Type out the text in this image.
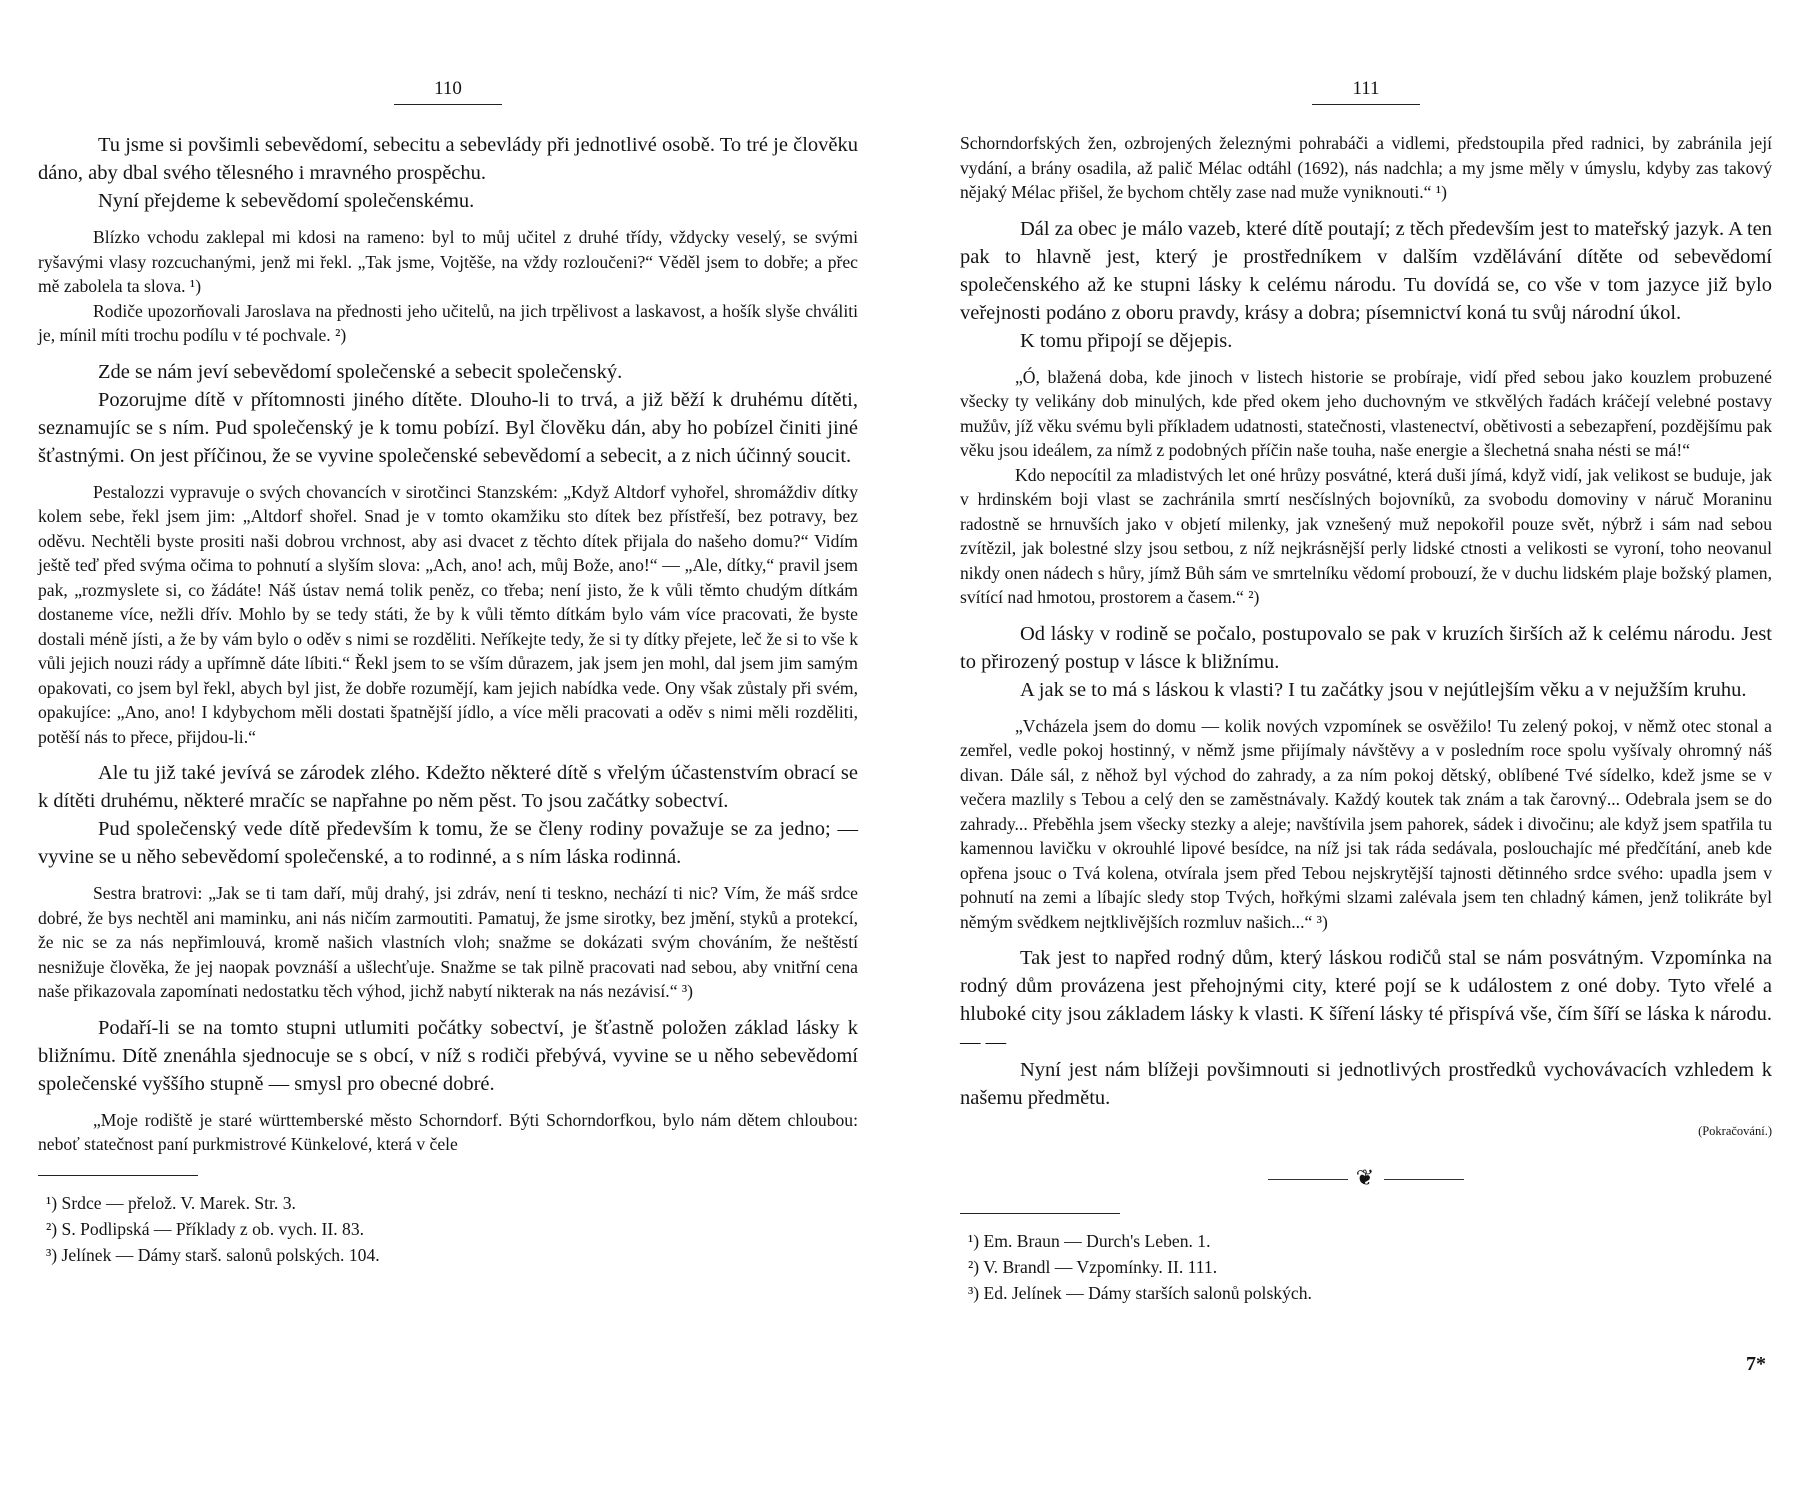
110

Tu jsme si povšimli sebevědomí, sebecitu a sebevlády při jednotlivé osobě. To tré je člověku dáno, aby dbal svého tělesného i mravného prospěchu.

Nyní přejdeme k sebevědomí společenskému.

Blízko vchodu zaklepal mi kdosi na rameno: byl to můj učitel z druhé třídy, vždycky veselý, se svými ryšavými vlasy rozcuchanými, jenž mi řekl. „Tak jsme, Vojtěše, na vždy rozloučeni?“ Věděl jsem to dobře; a přec mě zabolela ta slova. ¹)

Rodiče upozorňovali Jaroslava na přednosti jeho učitelů, na jich trpělivost a laskavost, a hošík slyše chváliti je, mínil míti trochu podílu v té pochvale. ²)

Zde se nám jeví sebevědomí společenské a sebecit společenský.

Pozorujme dítě v přítomnosti jiného dítěte. Dlouho-li to trvá, a již běží k druhému dítěti, seznamujíc se s ním. Pud společenský je k tomu pobízí. Byl člověku dán, aby ho pobízel činiti jiné šťastnými. On jest příčinou, že se vyvine společenské sebevědomí a sebecit, a z nich účinný soucit.

Pestalozzi vypravuje o svých chovancích v sirotčinci Stanzském: „Když Altdorf vyhořel, shromáždiv dítky kolem sebe, řekl jsem jim: „Altdorf shořel. Snad je v tomto okamžiku sto dítek bez přístřeší, bez potravy, bez oděvu. Nechtěli byste prositi naši dobrou vrchnost, aby asi dvacet z těchto dítek přijala do našeho domu?“ Vidím ještě teď před svýma očima to pohnutí a slyším slova: „Ach, ano! ach, můj Bože, ano!“ — „Ale, dítky,“ pravil jsem pak, „rozmyslete si, co žádáte! Náš ústav nemá tolik peněz, co třeba; není jisto, že k vůli těmto chudým dítkám dostaneme více, nežli dřív. Mohlo by se tedy státi, že by k vůli těmto dítkám bylo vám více pracovati, že byste dostali méně jísti, a že by vám bylo o oděv s nimi se rozděliti. Neříkejte tedy, že si ty dítky přejete, leč že si to vše k vůli jejich nouzi rády a upřímně dáte líbiti.“ Řekl jsem to se vším důrazem, jak jsem jen mohl, dal jsem jim samým opakovati, co jsem byl řekl, abych byl jist, že dobře rozumějí, kam jejich nabídka vede. Ony však zůstaly při svém, opakujíce: „Ano, ano! I kdybychom měli dostati špatnější jídlo, a více měli pracovati a oděv s nimi měli rozděliti, potěší nás to přece, přijdou-li.“

Ale tu již také jevívá se zárodek zlého. Kdežto některé dítě s vřelým účastenstvím obrací se k dítěti druhému, některé mračíc se napřahne po něm pěst. To jsou začátky sobectví.

Pud společenský vede dítě především k tomu, že se členy rodiny považuje se za jedno; — vyvine se u něho sebevědomí společenské, a to rodinné, a s ním láska rodinná.

Sestra bratrovi: „Jak se ti tam daří, můj drahý, jsi zdráv, není ti teskno, nechází ti nic? Vím, že máš srdce dobré, že bys nechtěl ani maminku, ani nás ničím zarmoutiti. Pamatuj, že jsme sirotky, bez jmění, styků a protekcí, že nic se za nás nepřimlouvá, kromě našich vlastních vloh; snažme se dokázati svým chováním, že neštěstí nesnižuje člověka, že jej naopak povznáší a ušlechťuje. Snažme se tak pilně pracovati nad sebou, aby vnitřní cena naše přikazovala zapomínati nedostatku těch výhod, jichž nabytí nikterak na nás nezávisí.“ ³)

Podaří-li se na tomto stupni utlumiti počátky sobectví, je šťastně položen základ lásky k bližnímu. Dítě znenáhla sjednocuje se s obcí, v níž s rodiči přebývá, vyvine se u něho sebevědomí společenské vyššího stupně — smysl pro obecné dobré.

„Moje rodiště je staré württemberské město Schorndorf. Býti Schorndorfkou, bylo nám dětem chloubou: neboť statečnost paní purkmistrové Künkelové, která v čele

¹) Srdce — přelož. V. Marek. Str. 3.
²) S. Podlipská — Příklady z ob. vych. II. 83.
³) Jelínek — Dámy starš. salonů polských. 104.
111

Schorndorfských žen, ozbrojených železnými pohrabáči a vidlemi, předstoupila před radnici, by zabránila její vydání, a brány osadila, až palič Mélac odtáhl (1692), nás nadchla; a my jsme měly v úmyslu, kdyby zas takový nějaký Mélac přišel, že bychom chtěly zase nad muže vyniknouti.“ ¹)

Dál za obec je málo vazeb, které dítě poutají; z těch především jest to mateřský jazyk. A ten pak to hlavně jest, který je prostředníkem v dalším vzdělávání dítěte od sebevědomí společenského až ke stupni lásky k celému národu. Tu dovídá se, co vše v tom jazyce již bylo veřejnosti podáno z oboru pravdy, krásy a dobra; písemnictví koná tu svůj národní úkol.

K tomu připojí se dějepis.

„Ó, blažená doba, kde jinoch v listech historie se probíraje, vidí před sebou jako kouzlem probuzené všecky ty velikány dob minulých, kde před okem jeho duchovným ve stkvělých řadách kráčejí velebné postavy mužův, jíž věku svému byli příkladem udatnosti, statečnosti, vlastenectví, obětivosti a sebezapření, pozdějšímu pak věku jsou ideálem, za nímž z podobných příčin naše touha, naše energie a šlechetná snaha nésti se má!“

Kdo nepocítil za mladistvých let oné hrůzy posvátné, která duši jímá, když vidí, jak velikost se buduje, jak v hrdinském boji vlast se zachránila smrtí nesčíslných bojovníků, za svobodu domoviny v náruč Moraninu radostně se hrnuvších jako v objetí milenky, jak vznešený muž nepokořil pouze svět, nýbrž i sám nad sebou zvítězil, jak bolestné slzy jsou setbou, z níž nejkrásnější perly lidské ctnosti a velikosti se vyroní, toho neovanul nikdy onen nádech s hůry, jímž Bůh sám ve smrtelníku vědomí probouzí, že v duchu lidském plaje božský plamen, svítící nad hmotou, prostorem a časem.“ ²)

Od lásky v rodině se počalo, postupovalo se pak v kruzích širších až k celému národu. Jest to přirozený postup v lásce k bližnímu.

A jak se to má s láskou k vlasti? I tu začátky jsou v nejútlejším věku a v nejužším kruhu.

„Vcházela jsem do domu — kolik nových vzpomínek se osvěžilo! Tu zelený pokoj, v němž otec stonal a zemřel, vedle pokoj hostinný, v němž jsme přijímaly návštěvy a v posledním roce spolu vyšívaly ohromný náš divan. Dále sál, z něhož byl východ do zahrady, a za ním pokoj dětský, oblíbené Tvé sídelko, kdež jsme se v večera mazlily s Tebou a celý den se zaměstnávaly. Každý koutek tak znám a tak čarovný... Odebrala jsem se do zahrady... Přeběhla jsem všecky stezky a aleje; navštívila jsem pahorek, sádek i divočinu; ale když jsem spatřila tu kamennou lavičku v okrouhlé lipové besídce, na níž jsi tak ráda sedávala, poslouchajíc mé předčítání, aneb kde opřena jsouc o Tvá kolena, otvírala jsem před Tebou nejskrytější tajnosti dětinného srdce svého: upadla jsem v pohnutí na zemi a líbajíc sledy stop Tvých, hořkými slzami zalévala jsem ten chladný kámen, jenž tolikráte byl němým svědkem nejtklivějších rozmluv našich...“ ³)

Tak jest to napřed rodný dům, který láskou rodičů stal se nám posvátným. Vzpomínka na rodný dům provázena jest přehojnými city, které pojí se k událostem z oné doby. Tyto vřelé a hluboké city jsou základem lásky k vlasti. K šíření lásky té přispívá vše, čím šíří se láska k národu. — —

Nyní jest nám blížeji povšimnouti si jednotlivých prostředků vychovávacích vzhledem k našemu předmětu.

(Pokračování.)
❦
¹) Em. Braun — Durch's Leben. 1.
²) V. Brandl — Vzpomínky. II. 111.
³) Ed. Jelínek — Dámy starších salonů polských.
7*
